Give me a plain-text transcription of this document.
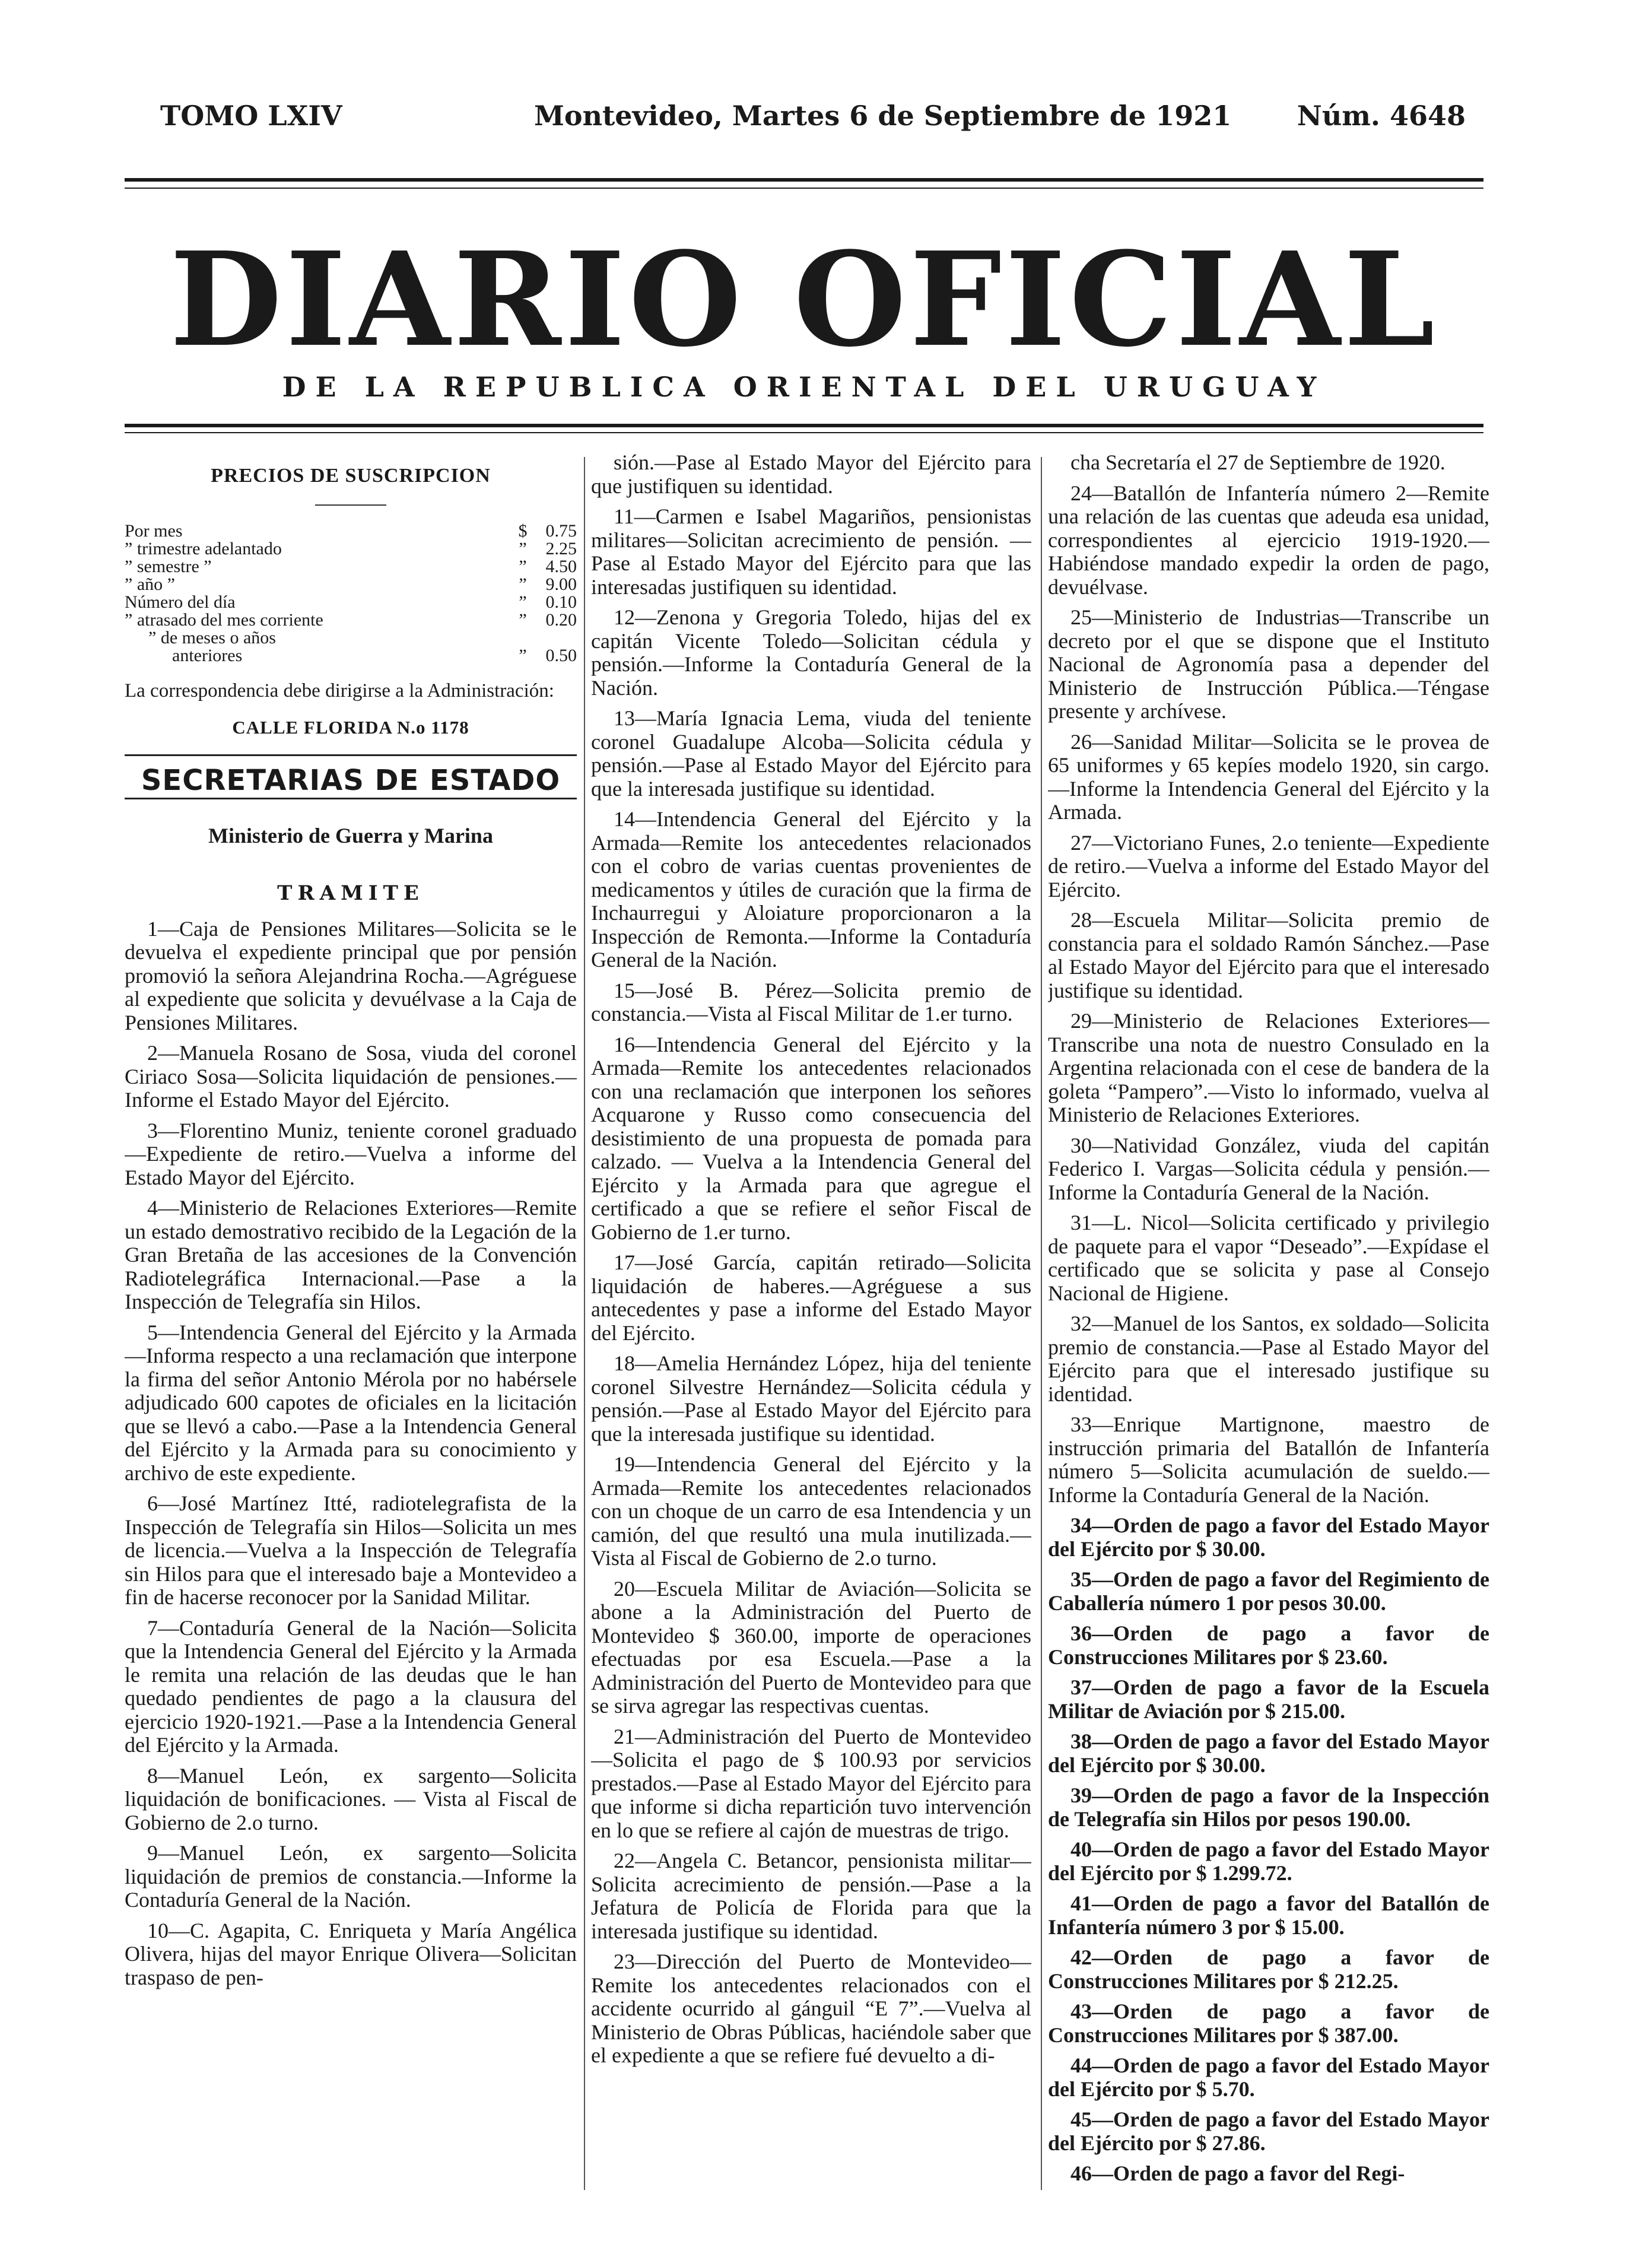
TOMO LXIV	Montevideo, Martes 6 de Septiembre de 1921 Núm. 4648
DIARIO OFICIAL
DE LA REPUBLICA ORIENTAL DEL URUGUAY
PRECIOS DE SUSCRIPCION
Por mes	$	0.75
” trimestre adelantado	”	2.25
” semestre ”	”	4.50
” año ”	”	9.00
Número del día	”	0.10
” atrasado del mes corriente	”	0.20
” de meses o años		
anteriores	”	0.50
La correspondencia debe dirigirse a la Administración:
CALLE FLORIDA N.o 1178
SECRETARIAS DE ESTADO
Ministerio de Guerra y Marina
TRAMITE

1—Caja de Pensiones Militares—Solicita se le devuelva el expediente principal que por pensión promovió la señora Alejandrina Rocha.—Agréguese al expediente que solicita y devuélvase a la Caja de Pensiones Militares.

2—Manuela Rosano de Sosa, viuda del coronel Ciriaco Sosa—Solicita liquidación de pensiones.—Informe el Estado Mayor del Ejército.

3—Florentino Muniz, teniente coronel graduado—Expediente de retiro.—Vuelva a informe del Estado Mayor del Ejército.

4—Ministerio de Relaciones Exteriores—Remite un estado demostrativo recibido de la Legación de la Gran Bretaña de las accesiones de la Convención Radiotelegráfica Internacional.—Pase a la Inspección de Telegrafía sin Hilos.

5—Intendencia General del Ejército y la Armada—Informa respecto a una reclamación que interpone la firma del señor Antonio Mérola por no habérsele adjudicado 600 capotes de oficiales en la licitación que se llevó a cabo.—Pase a la Intendencia General del Ejército y la Armada para su conocimiento y archivo de este expediente.

6—José Martínez Itté, radiotelegrafista de la Inspección de Telegrafía sin Hilos—Solicita un mes de licencia.—Vuelva a la Inspección de Telegrafía sin Hilos para que el interesado baje a Montevideo a fin de hacerse reconocer por la Sanidad Militar.

7—Contaduría General de la Nación—Solicita que la Intendencia General del Ejército y la Armada le remita una relación de las deudas que le han quedado pendientes de pago a la clausura del ejercicio 1920-1921.—Pase a la Intendencia General del Ejército y la Armada.

8—Manuel León, ex sargento—Solicita liquidación de bonificaciones. — Vista al Fiscal de Gobierno de 2.o turno.

9—Manuel León, ex sargento—Solicita liquidación de premios de constancia.—Informe la Contaduría General de la Nación.

10—C. Agapita, C. Enriqueta y María Angélica Olivera, hijas del mayor Enrique Olivera—Solicitan traspaso de pen-

sión.—Pase al Estado Mayor del Ejército para que justifiquen su identidad.

11—Carmen e Isabel Magariños, pensionistas militares—Solicitan acrecimiento de pensión. — Pase al Estado Mayor del Ejército para que las interesadas justifiquen su identidad.

12—Zenona y Gregoria Toledo, hijas del ex capitán Vicente Toledo—Solicitan cédula y pensión.—Informe la Contaduría General de la Nación.

13—María Ignacia Lema, viuda del teniente coronel Guadalupe Alcoba—Solicita cédula y pensión.—Pase al Estado Mayor del Ejército para que la interesada justifique su identidad.

14—Intendencia General del Ejército y la Armada—Remite los antecedentes relacionados con el cobro de varias cuentas provenientes de medicamentos y útiles de curación que la firma de Inchaurregui y Aloiature proporcionaron a la Inspección de Remonta.—Informe la Contaduría General de la Nación.

15—José B. Pérez—Solicita premio de constancia.—Vista al Fiscal Militar de 1.er turno.

16—Intendencia General del Ejército y la Armada—Remite los antecedentes relacionados con una reclamación que interponen los señores Acquarone y Russo como consecuencia del desistimiento de una propuesta de pomada para calzado. — Vuelva a la Intendencia General del Ejército y la Armada para que agregue el certificado a que se refiere el señor Fiscal de Gobierno de 1.er turno.

17—José García, capitán retirado—Solicita liquidación de haberes.—Agréguese a sus antecedentes y pase a informe del Estado Mayor del Ejército.

18—Amelia Hernández López, hija del teniente coronel Silvestre Hernández—Solicita cédula y pensión.—Pase al Estado Mayor del Ejército para que la interesada justifique su identidad.

19—Intendencia General del Ejército y la Armada—Remite los antecedentes relacionados con un choque de un carro de esa Intendencia y un camión, del que resultó una mula inutilizada.—Vista al Fiscal de Gobierno de 2.o turno.

20—Escuela Militar de Aviación—Solicita se abone a la Administración del Puerto de Montevideo $ 360.00, importe de operaciones efectuadas por esa Escuela.—Pase a la Administración del Puerto de Montevideo para que se sirva agregar las respectivas cuentas.

21—Administración del Puerto de Montevideo—Solicita el pago de $ 100.93 por servicios prestados.—Pase al Estado Mayor del Ejército para que informe si dicha repartición tuvo intervención en lo que se refiere al cajón de muestras de trigo.

22—Angela C. Betancor, pensionista militar—Solicita acrecimiento de pensión.—Pase a la Jefatura de Policía de Florida para que la interesada justifique su identidad.

23—Dirección del Puerto de Montevideo—Remite los antecedentes relacionados con el accidente ocurrido al gánguil “E 7”.—Vuelva al Ministerio de Obras Públicas, haciéndole saber que el expediente a que se refiere fué devuelto a di-

cha Secretaría el 27 de Septiembre de 1920.

24—Batallón de Infantería número 2—Remite una relación de las cuentas que adeuda esa unidad, correspondientes al ejercicio 1919-1920.—Habiéndose mandado expedir la orden de pago, devuélvase.

25—Ministerio de Industrias—Transcribe un decreto por el que se dispone que el Instituto Nacional de Agronomía pasa a depender del Ministerio de Instrucción Pública.—Téngase presente y archívese.

26—Sanidad Militar—Solicita se le provea de 65 uniformes y 65 kepíes modelo 1920, sin cargo.—Informe la Intendencia General del Ejército y la Armada.

27—Victoriano Funes, 2.o teniente—Expediente de retiro.—Vuelva a informe del Estado Mayor del Ejército.

28—Escuela Militar—Solicita premio de constancia para el soldado Ramón Sánchez.—Pase al Estado Mayor del Ejército para que el interesado justifique su identidad.

29—Ministerio de Relaciones Exteriores—Transcribe una nota de nuestro Consulado en la Argentina relacionada con el cese de bandera de la goleta “Pampero”.—Visto lo informado, vuelva al Ministerio de Relaciones Exteriores.

30—Natividad González, viuda del capitán Federico I. Vargas—Solicita cédula y pensión.—Informe la Contaduría General de la Nación.

31—L. Nicol—Solicita certificado y privilegio de paquete para el vapor “Deseado”.—Expídase el certificado que se solicita y pase al Consejo Nacional de Higiene.

32—Manuel de los Santos, ex soldado—Solicita premio de constancia.—Pase al Estado Mayor del Ejército para que el interesado justifique su identidad.

33—Enrique Martignone, maestro de instrucción primaria del Batallón de Infantería número 5—Solicita acumulación de sueldo.—Informe la Contaduría General de la Nación.

34—Orden de pago a favor del Estado Mayor del Ejército por $ 30.00.

35—Orden de pago a favor del Regimiento de Caballería número 1 por pesos 30.00.

36—Orden de pago a favor de Construcciones Militares por $ 23.60.

37—Orden de pago a favor de la Escuela Militar de Aviación por $ 215.00.

38—Orden de pago a favor del Estado Mayor del Ejército por $ 30.00.

39—Orden de pago a favor de la Inspección de Telegrafía sin Hilos por pesos 190.00.

40—Orden de pago a favor del Estado Mayor del Ejército por $ 1.299.72.

41—Orden de pago a favor del Batallón de Infantería número 3 por $ 15.00.

42—Orden de pago a favor de Construcciones Militares por $ 212.25.

43—Orden de pago a favor de Construcciones Militares por $ 387.00.

44—Orden de pago a favor del Estado Mayor del Ejército por $ 5.70.

45—Orden de pago a favor del Estado Mayor del Ejército por $ 27.86.

46—Orden de pago a favor del Regi-
